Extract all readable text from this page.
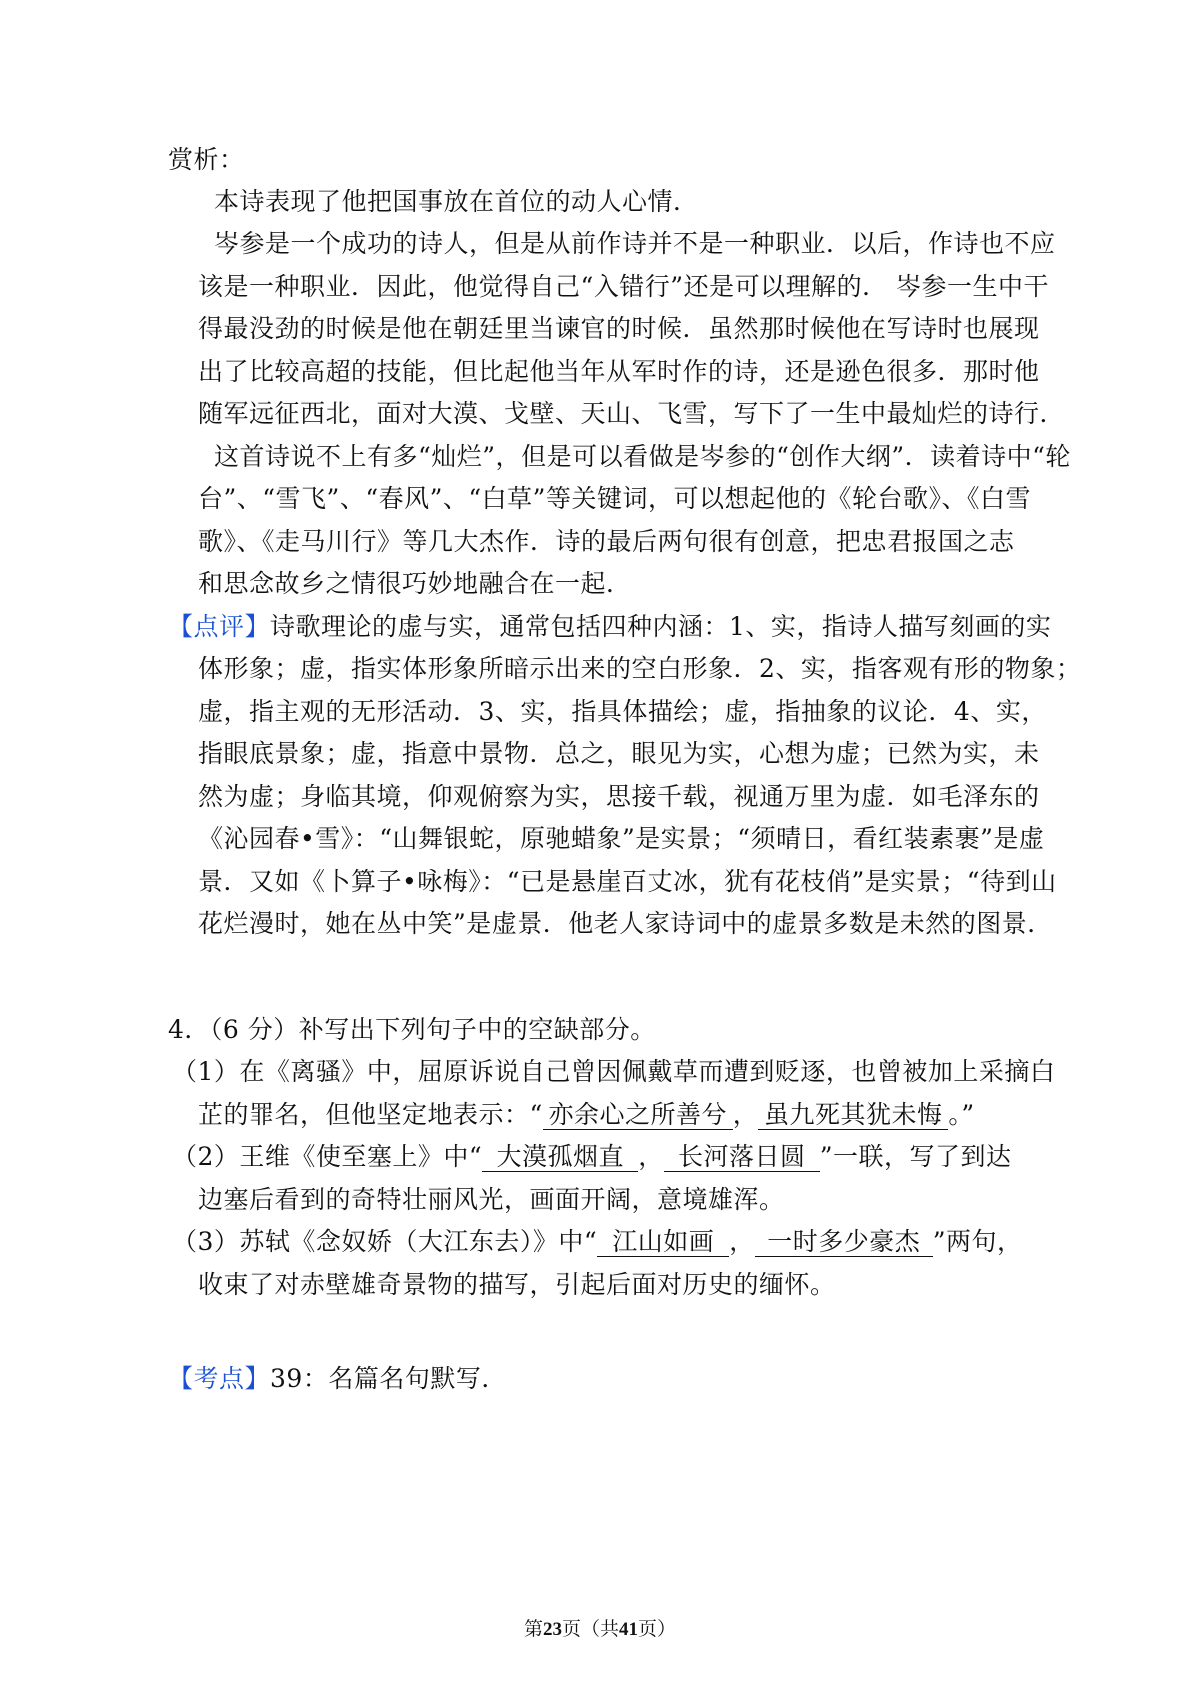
赏析：
本诗表现了他把国事放在首位的动人心情．
岑参是一个成功的诗人，但是从前作诗并不是一种职业．以后，作诗也不应
该是一种职业．因此，他觉得自己“入错行”还是可以理解的． 岑参一生中干
得最没劲的时候是他在朝廷里当谏官的时候．虽然那时候他在写诗时也展现
出了比较高超的技能，但比起他当年从军时作的诗，还是逊色很多．那时他
随军远征西北，面对大漠、戈壁、天山、飞雪，写下了一生中最灿烂的诗行．
这首诗说不上有多“灿烂”，但是可以看做是岑参的“创作大纲”．读着诗中“轮
台”、“雪飞”、“春风”、“白草”等关键词，可以想起他的《轮台歌》、《白雪
歌》、《走马川行》等几大杰作．诗的最后两句很有创意，把忠君报国之志
和思念故乡之情很巧妙地融合在一起．
【点评】诗歌理论的虚与实，通常包括四种内涵：1、实，指诗人描写刻画的实
体形象；虚，指实体形象所暗示出来的空白形象．2、实，指客观有形的物象；
虚，指主观的无形活动．3、实，指具体描绘；虚，指抽象的议论．4、实，
指眼底景象；虚，指意中景物．总之，眼见为实，心想为虚；已然为实，未
然为虚；身临其境，仰观俯察为实，思接千载，视通万里为虚．如毛泽东的
《沁园春•雪》：“山舞银蛇，原驰蜡象”是实景；“须晴日，看红装素裹”是虚
景．又如《卜算子•咏梅》：“已是悬崖百丈冰，犹有花枝俏”是实景；“待到山
花烂漫时，她在丛中笑”是虚景．他老人家诗词中的虚景多数是未然的图景．
4．（6 分）补写出下列句子中的空缺部分。
（1）在《离骚》中，屈原诉说自己曾因佩戴草而遭到贬逐，也曾被加上采摘白
芷的罪名，但他坚定地表示：“ 亦余心之所善兮 ， 虽九死其犹未悔 。”
（2）王维《使至塞上》中“ 大漠孤烟直 ， 长河落日圆 ”一联，写了到达
边塞后看到的奇特壮丽风光，画面开阔，意境雄浑。
（3）苏轼《念奴娇（大江东去）》中“ 江山如画 ， 一时多少豪杰 ”两句，
收束了对赤壁雄奇景物的描写，引起后面对历史的缅怀。
【考点】39：名篇名句默写．
第23页（共41页）
